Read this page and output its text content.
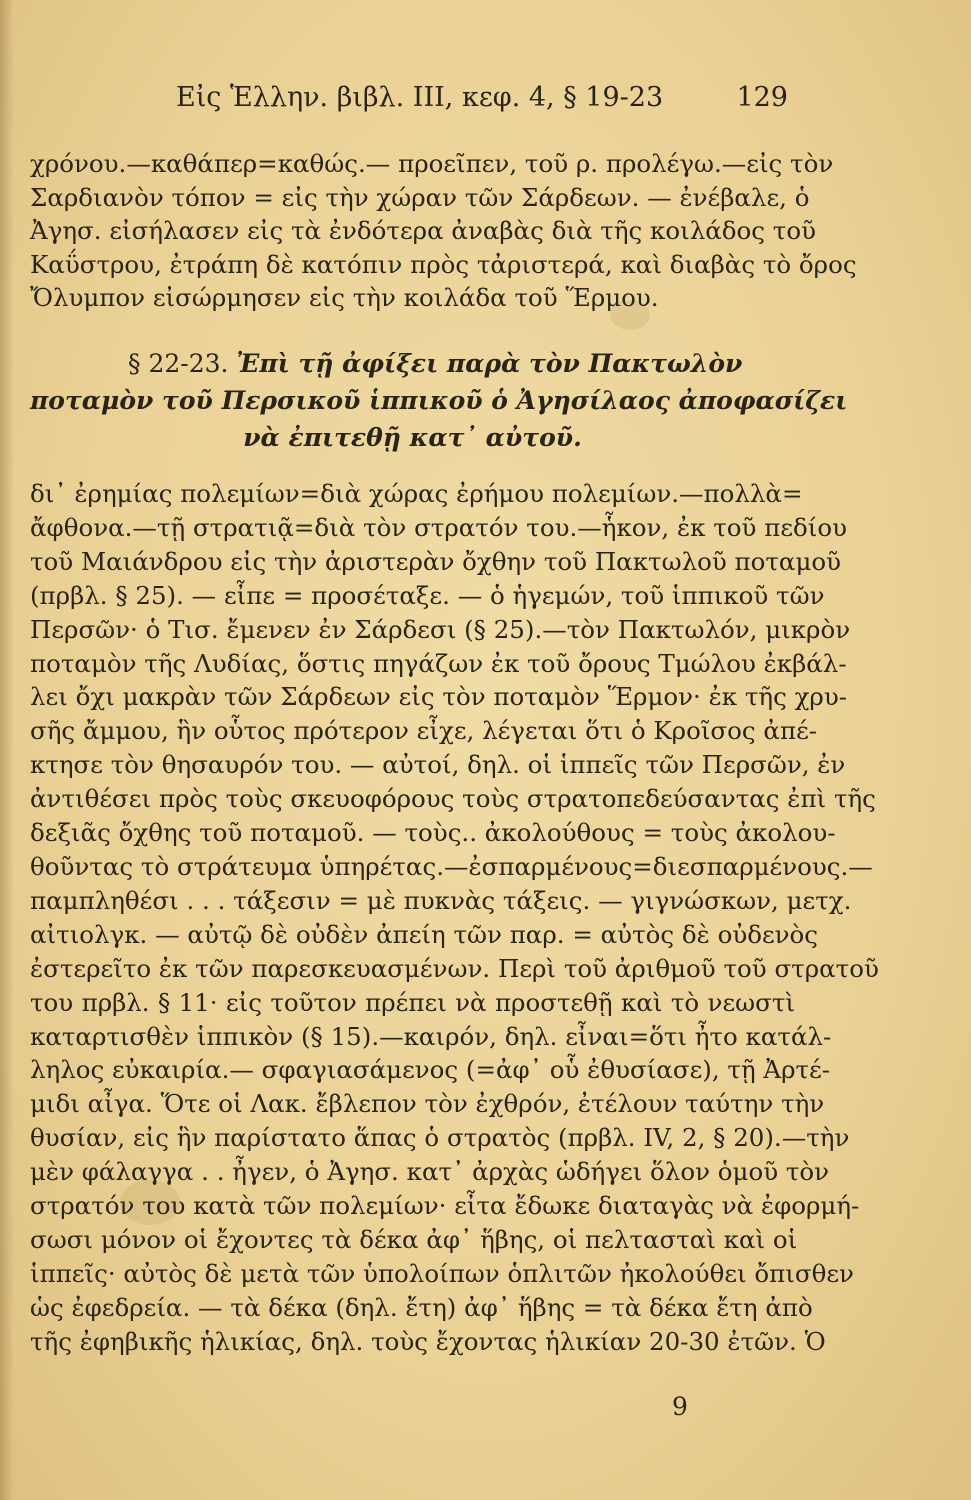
Εἰς Ἑλλην. βιβλ. ΙΙΙ, κεφ. 4, § 19-23	129
χρόνου.—καθάπερ=καθώς.— προεῖπεν, τοῦ ρ. προλέγω.—εἰς τὸν
Σαρδιανὸν τόπον = εἰς τὴν χώραν τῶν Σάρδεων. — ἐνέβαλε, ὁ
Ἀγησ. εἰσήλασεν εἰς τὰ ἐνδότερα ἀναβὰς διὰ τῆς κοιλάδος τοῦ
Καΰστρου, ἐτράπη δὲ κατόπιν πρὸς τἀριστερά, καὶ διαβὰς τὸ ὄρος
Ὄλυμπον εἰσώρμησεν εἰς τὴν κοιλάδα τοῦ Ἕρμου.
§ 22-23. Ἐπὶ τῇ ἀφίξει παρὰ τὸν Πακτωλὸν
ποταμὸν τοῦ Περσικοῦ ἱππικοῦ ὁ Ἀγησίλαος ἀποφασίζει
νὰ ἐπιτεθῇ κατ᾽ αὐτοῦ.
δι᾽ ἐρημίας πολεμίων=διὰ χώρας ἐρήμου πολεμίων.—πολλὰ=
ἄφθονα.—τῇ στρατιᾷ=διὰ τὸν στρατόν του.—ἧκον, ἐκ τοῦ πεδίου
τοῦ Μαιάνδρου εἰς τὴν ἀριστερὰν ὄχθην τοῦ Πακτωλοῦ ποταμοῦ
(πρβλ. § 25). — εἶπε = προσέταξε. — ὁ ἡγεμών, τοῦ ἱππικοῦ τῶν
Περσῶν· ὁ Τισ. ἔμενεν ἐν Σάρδεσι (§ 25).—τὸν Πακτωλόν, μικρὸν
ποταμὸν τῆς Λυδίας, ὅστις πηγάζων ἐκ τοῦ ὄρους Τμώλου ἐκβάλ-
λει ὄχι μακρὰν τῶν Σάρδεων εἰς τὸν ποταμὸν Ἕρμον· ἐκ τῆς χρυ-
σῆς ἄμμου, ἣν οὗτος πρότερον εἶχε, λέγεται ὅτι ὁ Κροῖσος ἀπέ-
κτησε τὸν θησαυρόν του. — αὐτοί, δηλ. οἱ ἱππεῖς τῶν Περσῶν, ἐν
ἀντιθέσει πρὸς τοὺς σκευοφόρους τοὺς στρατοπεδεύσαντας ἐπὶ τῆς
δεξιᾶς ὄχθης τοῦ ποταμοῦ. — τοὺς.. ἀκολούθους = τοὺς ἀκολου-
θοῦντας τὸ στράτευμα ὑπηρέτας.—ἐσπαρμένους=διεσπαρμένους.—
παμπληθέσι . . . τάξεσιν = μὲ πυκνὰς τάξεις. — γιγνώσκων, μετχ.
αἰτιολγκ. — αὐτῷ δὲ οὐδὲν ἀπείη τῶν παρ. = αὐτὸς δὲ οὐδενὸς
ἐστερεῖτο ἐκ τῶν παρεσκευασμένων. Περὶ τοῦ ἀριθμοῦ τοῦ στρατοῦ
του πρβλ. § 11· εἰς τοῦτον πρέπει νὰ προστεθῇ καὶ τὸ νεωστὶ
καταρτισθὲν ἱππικὸν (§ 15).—καιρόν, δηλ. εἶναι=ὅτι ἦτο κατάλ-
ληλος εὐκαιρία.— σφαγιασάμενος (=ἀφ᾽ οὗ ἐθυσίασε), τῇ Ἀρτέ-
μιδι αἶγα. Ὅτε οἱ Λακ. ἔβλεπον τὸν ἐχθρόν, ἐτέλουν ταύτην τὴν
θυσίαν, εἰς ἣν παρίστατο ἅπας ὁ στρατὸς (πρβλ. IV, 2, § 20).—τὴν
μὲν φάλαγγα . . ἦγεν, ὁ Ἀγησ. κατ᾽ ἀρχὰς ὡδήγει ὅλον ὁμοῦ τὸν
στρατόν του κατὰ τῶν πολεμίων· εἶτα ἔδωκε διαταγὰς νὰ ἐφορμή-
σωσι μόνον οἱ ἔχοντες τὰ δέκα ἀφ᾽ ἥβης, οἱ πελτασταὶ καὶ οἱ
ἱππεῖς· αὐτὸς δὲ μετὰ τῶν ὑπολοίπων ὁπλιτῶν ἠκολούθει ὄπισθεν
ὡς ἐφεδρεία. — τὰ δέκα (δηλ. ἔτη) ἀφ᾽ ἥβης = τὰ δέκα ἔτη ἀπὸ
τῆς ἐφηβικῆς ἡλικίας, δηλ. τοὺς ἔχοντας ἡλικίαν 20-30 ἐτῶν. Ὁ
9
